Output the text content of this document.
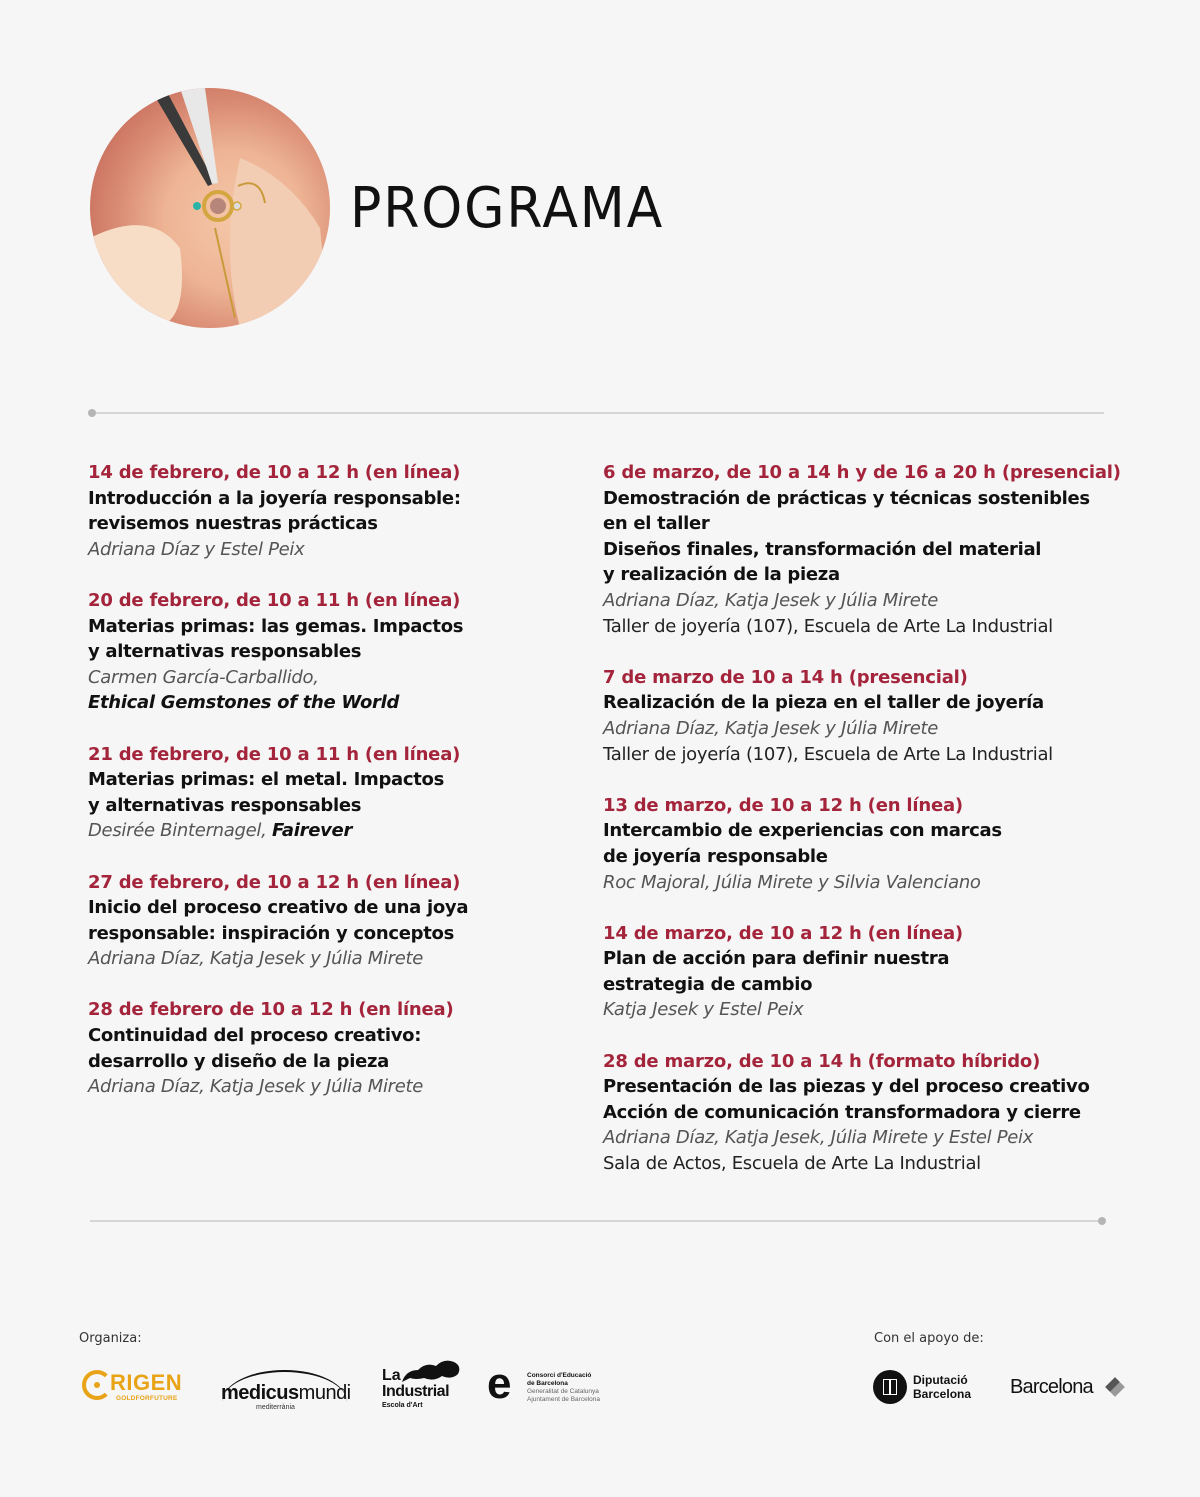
PROGRAMA
14 de febrero, de 10 a 12 h (en línea)
Introducción a la joyería responsable:
revisemos nuestras prácticas
Adriana Díaz y Estel Peix
20 de febrero, de 10 a 11 h (en línea)
Materias primas: las gemas. Impactos
y alternativas responsables
Carmen García-Carballido,
Ethical Gemstones of the World
21 de febrero, de 10 a 11 h (en línea)
Materias primas: el metal. Impactos
y alternativas responsables
Desirée Binternagel, Fairever
27 de febrero, de 10 a 12 h (en línea)
Inicio del proceso creativo de una joya
responsable: inspiración y conceptos
Adriana Díaz, Katja Jesek y Júlia Mirete
28 de febrero de 10 a 12 h (en línea)
Continuidad del proceso creativo:
desarrollo y diseño de la pieza
Adriana Díaz, Katja Jesek y Júlia Mirete
6 de marzo, de 10 a 14 h y de 16 a 20 h (presencial)
Demostración de prácticas y técnicas sostenibles
en el taller
Diseños finales, transformación del material
y realización de la pieza
Adriana Díaz, Katja Jesek y Júlia Mirete
Taller de joyería (107), Escuela de Arte La Industrial
7 de marzo de 10 a 14 h (presencial)
Realización de la pieza en el taller de joyería
Adriana Díaz, Katja Jesek y Júlia Mirete
Taller de joyería (107), Escuela de Arte La Industrial
13 de marzo, de 10 a 12 h (en línea)
Intercambio de experiencias con marcas
de joyería responsable
Roc Majoral, Júlia Mirete y Silvia Valenciano
14 de marzo, de 10 a 12 h (en línea)
Plan de acción para definir nuestra
estrategia de cambio
Katja Jesek y Estel Peix
28 de marzo, de 10 a 14 h (formato híbrido)
Presentación de las piezas y del proceso creativo
Acción de comunicación transformadora y cierre
Adriana Díaz, Katja Jesek, Júlia Mirete y Estel Peix
Sala de Actos, Escuela de Arte La Industrial
Organiza:	Con el apoyo de:
RIGEN
GOLDFORFUTURE medicusmundi
mediterrània
La
Industrial
Escola d'Art e Consorci d'Educació
de Barcelona
Generalitat de Catalunya
Ajuntament de Barcelona
Diputació
Barcelona Barcelona
